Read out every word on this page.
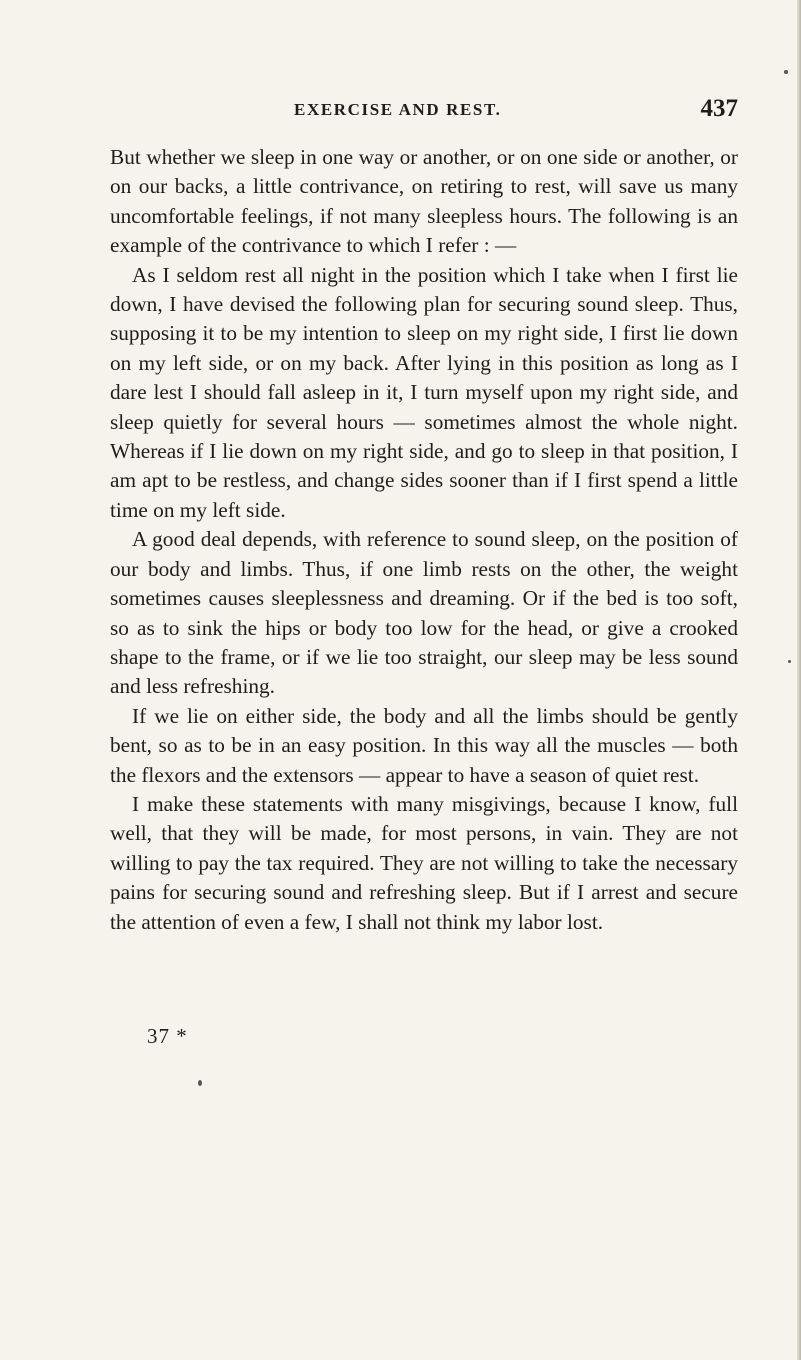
EXERCISE AND REST.	437

But whether we sleep in one way or another, or on one side or another, or on our backs, a little contrivance, on retiring to rest, will save us many uncomfortable feelings, if not many sleepless hours. The following is an example of the contrivance to which I refer : —

As I seldom rest all night in the position which I take when I first lie down, I have devised the following plan for securing sound sleep. Thus, supposing it to be my intention to sleep on my right side, I first lie down on my left side, or on my back. After lying in this position as long as I dare lest I should fall asleep in it, I turn myself upon my right side, and sleep quietly for several hours — sometimes almost the whole night. Whereas if I lie down on my right side, and go to sleep in that position, I am apt to be restless, and change sides sooner than if I first spend a little time on my left side.

A good deal depends, with reference to sound sleep, on the position of our body and limbs. Thus, if one limb rests on the other, the weight sometimes causes sleeplessness and dreaming. Or if the bed is too soft, so as to sink the hips or body too low for the head, or give a crooked shape to the frame, or if we lie too straight, our sleep may be less sound and less refreshing.

If we lie on either side, the body and all the limbs should be gently bent, so as to be in an easy position. In this way all the muscles — both the flexors and the extensors — appear to have a season of quiet rest.

I make these statements with many misgivings, because I know, full well, that they will be made, for most persons, in vain. They are not willing to pay the tax required. They are not willing to take the necessary pains for securing sound and refreshing sleep. But if I arrest and secure the attention of even a few, I shall not think my labor lost.

37 *
